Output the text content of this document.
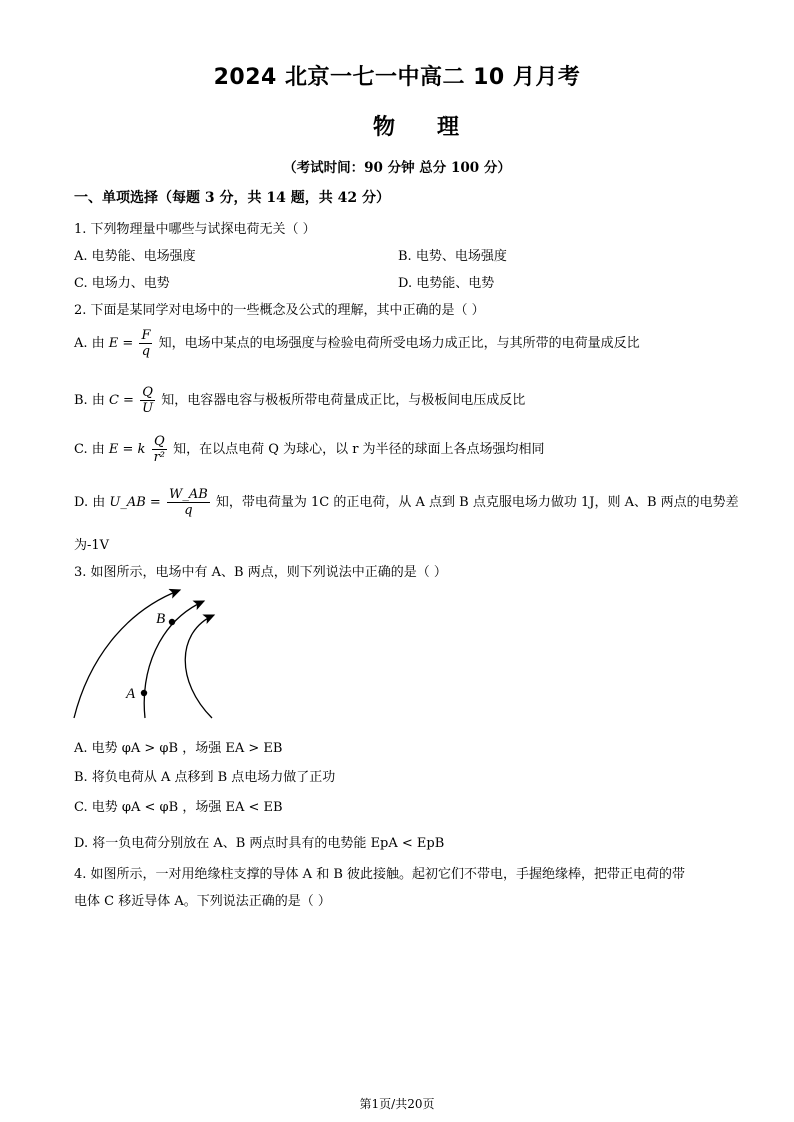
2024 北京一七一中高二 10 月月考
物理
（考试时间：90 分钟 总分 100 分）
一、单项选择（每题 3 分，共 14 题，共 42 分）
1. 下列物理量中哪些与试探电荷无关（ ）
A. 电势能、电场强度	B. 电势、电场强度
C. 电场力、电势	D. 电势能、电势
2. 下面是某同学对电场中的一些概念及公式的理解，其中正确的是（ ）
A. 由 $E = \frac{F}{q}$ 知，电场中某点的电场强度与检验电荷所受电场力成正比，与其所带的电荷量成反比
B. 由 $C = \frac{Q}{U}$ 知，电容器电容与极板所带电荷量成正比，与极板间电压成反比
C. 由 E = k $\frac{Q}{\text{r²}}$ 知，在以点电荷 Q 为球心，以 r 为半径的球面上各点场强均相同
D. 由 U_AB = $\frac{W\_AB}{q}$ 知，带电荷量为 1C 的正电荷，从 A 点到 B 点克服电场力做功 1J，则 A、B 两点的电势差
为-1V
3. 如图所示，电场中有 A、B 两点，则下列说法中正确的是（ ）
B
A
A. 电势 φA > φB ，场强 EA > EB
B. 将负电荷从 A 点移到 B 点电场力做了正功
C. 电势 φA < φB ，场强 EA < EB
D. 将一负电荷分别放在 A、B 两点时具有的电势能 EpA < EpB
4. 如图所示，一对用绝缘柱支撑的导体 A 和 B 彼此接触。起初它们不带电，手握绝缘棒，把带正电荷的带
电体 C 移近导体 A。下列说法正确的是（ ）
第1页/共20页
